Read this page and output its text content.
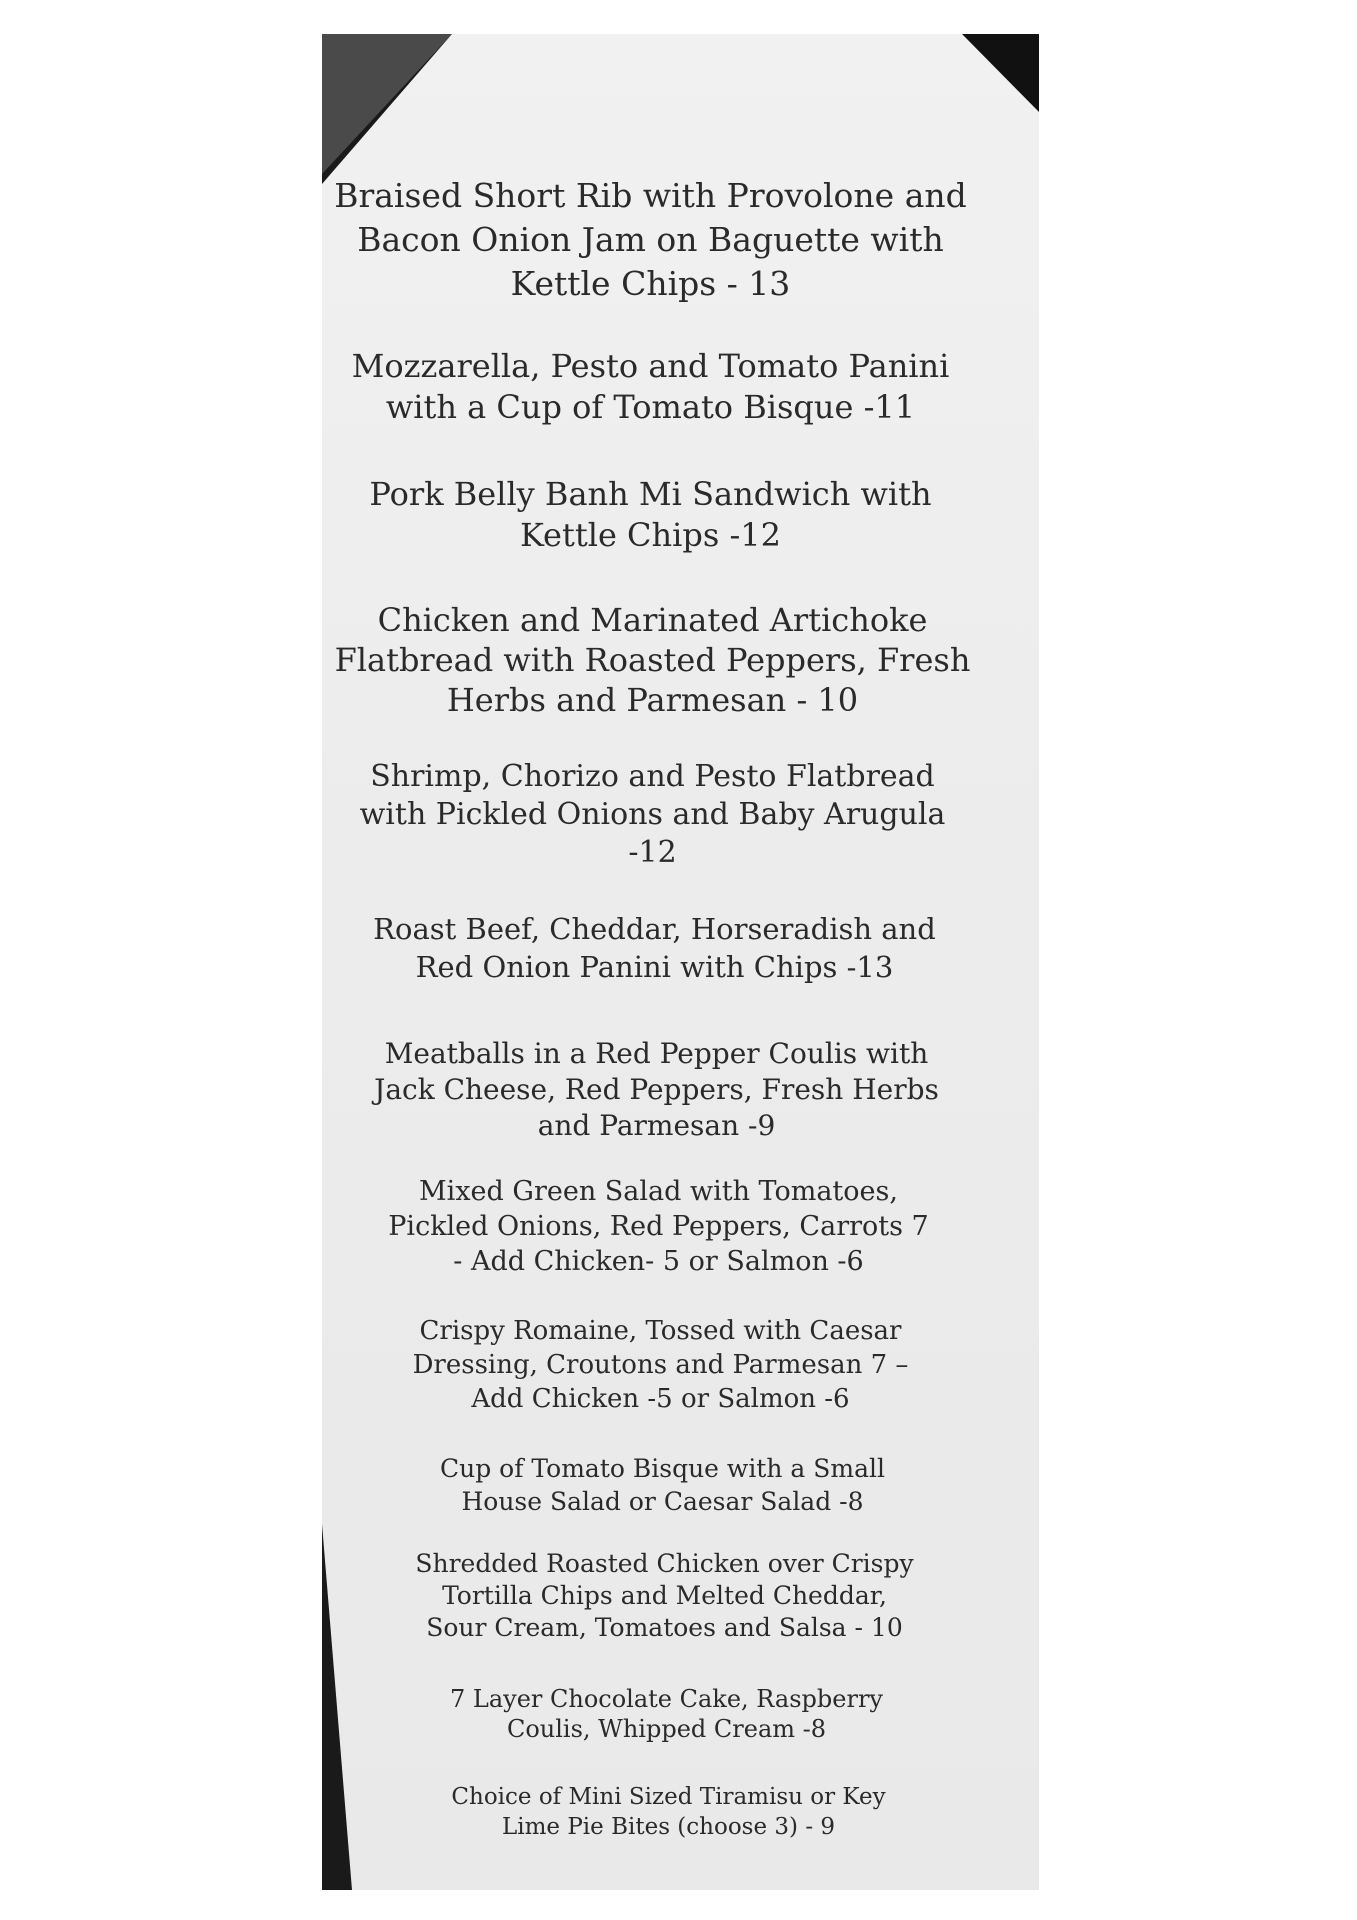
Braised Short Rib with Provolone and
Bacon Onion Jam on Baguette with
Kettle Chips - 13
Mozzarella, Pesto and Tomato Panini
with a Cup of Tomato Bisque -11
Pork Belly Banh Mi Sandwich with
Kettle Chips -12
Chicken and Marinated Artichoke
Flatbread with Roasted Peppers, Fresh
Herbs and Parmesan - 10
Shrimp, Chorizo and Pesto Flatbread
with Pickled Onions and Baby Arugula
-12
Roast Beef, Cheddar, Horseradish and
Red Onion Panini with Chips -13
Meatballs in a Red Pepper Coulis with
Jack Cheese, Red Peppers, Fresh Herbs
and Parmesan -9
Mixed Green Salad with Tomatoes,
Pickled Onions, Red Peppers, Carrots 7
- Add Chicken- 5 or Salmon -6
Crispy Romaine, Tossed with Caesar
Dressing, Croutons and Parmesan 7 –
Add Chicken -5 or Salmon -6
Cup of Tomato Bisque with a Small
House Salad or Caesar Salad -8
Shredded Roasted Chicken over Crispy
Tortilla Chips and Melted Cheddar,
Sour Cream, Tomatoes and Salsa - 10
7 Layer Chocolate Cake, Raspberry
Coulis, Whipped Cream -8
Choice of Mini Sized Tiramisu or Key
Lime Pie Bites (choose 3) - 9
